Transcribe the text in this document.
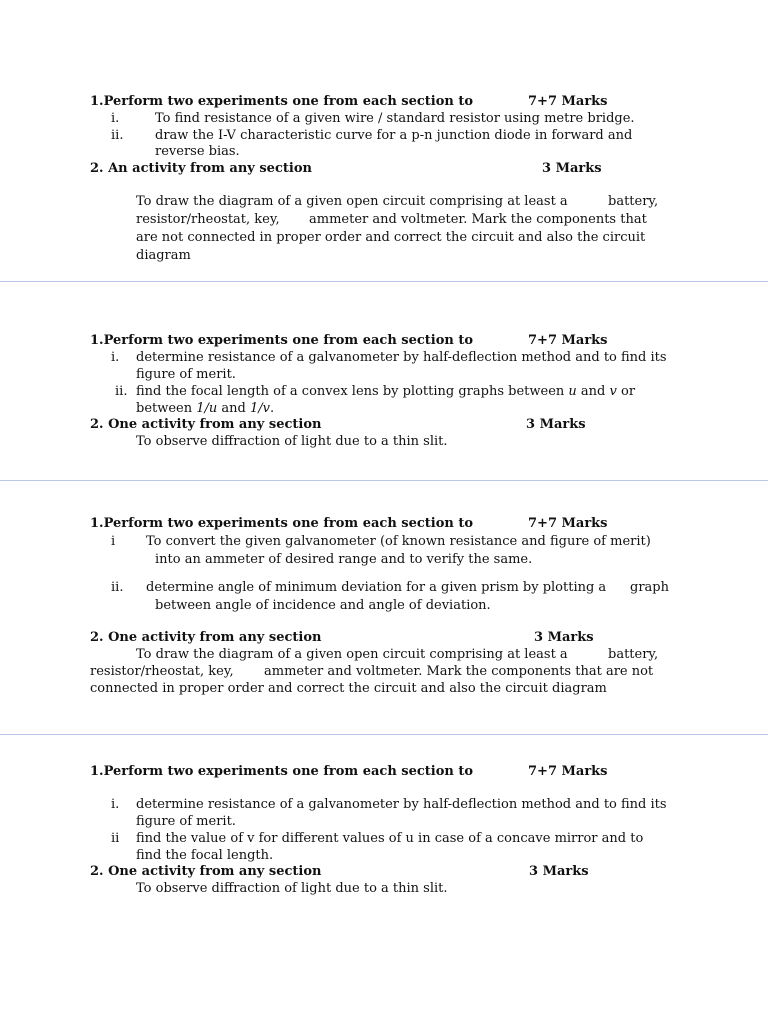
1.Perform two experiments one from each section to	7+7 Marks
i.	To find resistance of a given wire / standard resistor using metre bridge.
ii. draw the I-V characteristic curve for a p-n junction diode in forward and
reverse bias.
2. An activity from any section	3 Marks
To draw the diagram of a given open circuit comprising at least a	battery,
resistor/rheostat, key, ammeter and voltmeter. Mark the components that
are not connected in proper order and correct the circuit and also the circuit
diagram
1.Perform two experiments one from each section to	7+7 Marks
i. determine resistance of a galvanometer by half-deflection method and to find its
figure of merit.
ii. find the focal length of a convex lens by plotting graphs between u and v or
between 1/u and 1/v.
2. One activity from any section	3 Marks
To observe diffraction of light due to a thin slit.
1.Perform two experiments one from each section to	7+7 Marks
i To convert the given galvanometer (of known resistance and figure of merit)
into an ammeter of desired range and to verify the same.
ii. determine angle of minimum deviation for a given prism by plotting a graph
between angle of incidence and angle of deviation.
2. One activity from any section	3 Marks
To draw the diagram of a given open circuit comprising at least a	battery,
resistor/rheostat, key, ammeter and voltmeter. Mark the components that are not
connected in proper order and correct the circuit and also the circuit diagram
1.Perform two experiments one from each section to	7+7 Marks
i. determine resistance of a galvanometer by half-deflection method and to find its
figure of merit.
ii find the value of v for different values of u in case of a concave mirror and to
find the focal length.
2. One activity from any section	3 Marks
To observe diffraction of light due to a thin slit.
